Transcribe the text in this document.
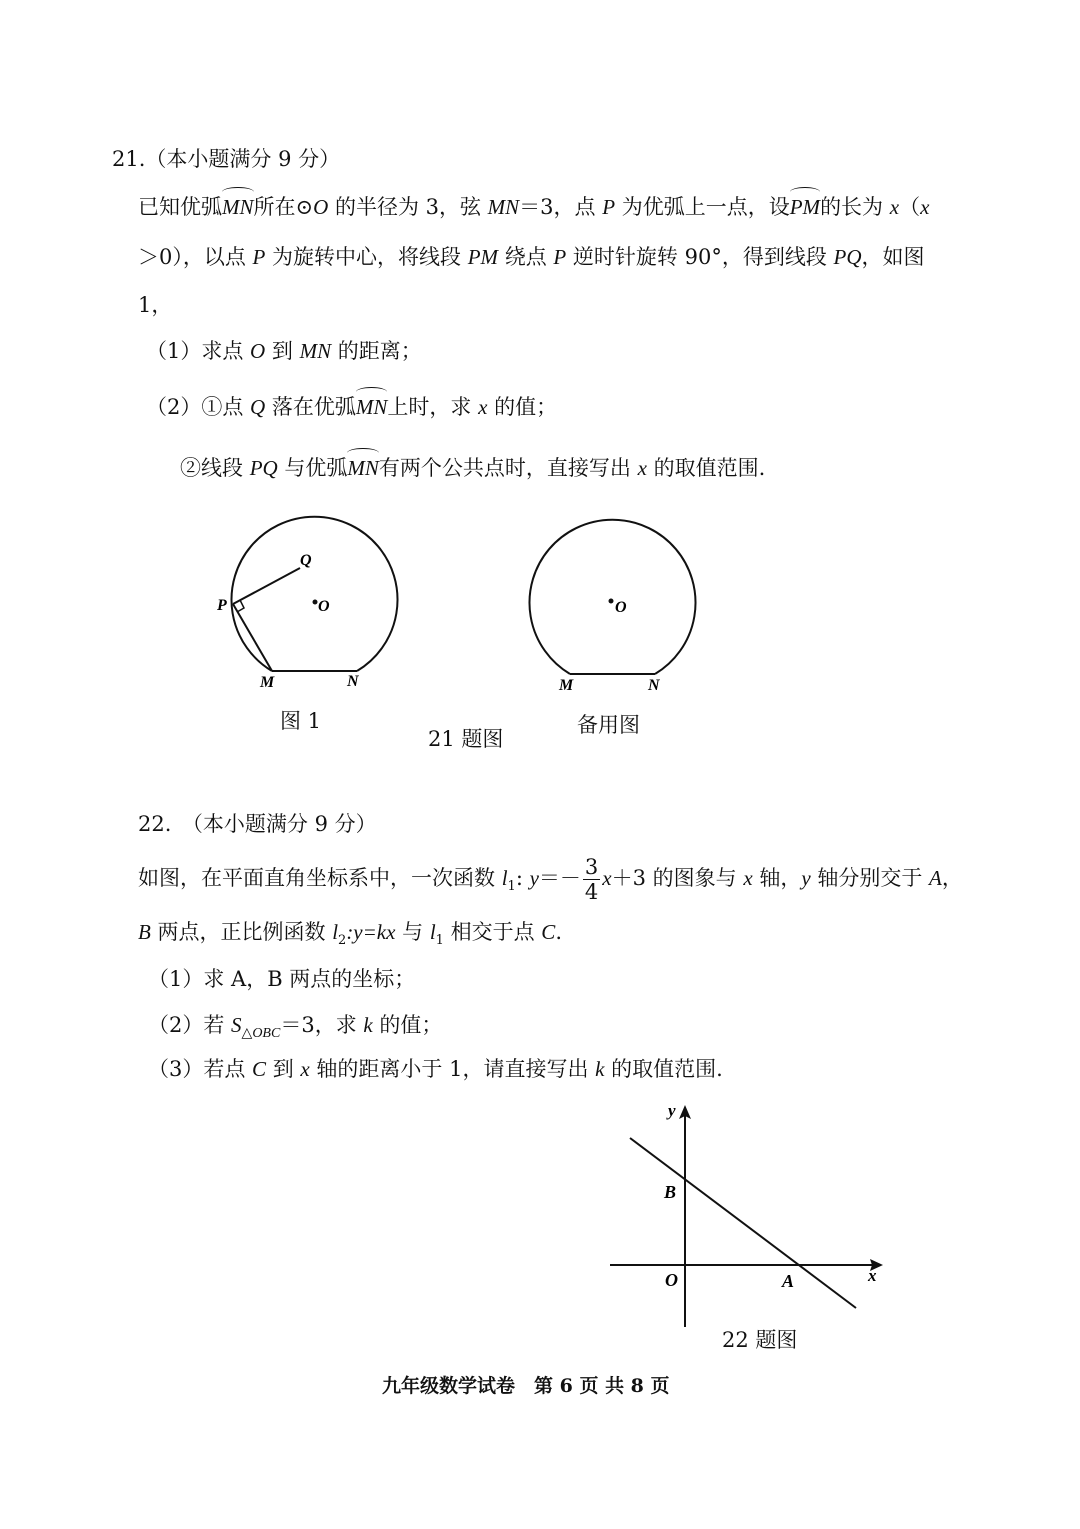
21.（本小题满分 9 分）
已知优弧MN所在⊙O 的半径为 3，弦 MN＝3，点 P 为优弧上一点，设PM的长为 x（x
＞0），以点 P 为旋转中心，将线段 PM 绕点 P 逆时针旋转 90°，得到线段 PQ，如图
1，
（1）求点 O 到 MN 的距离；
（2）①点 Q 落在优弧MN上时，求 x 的值；
②线段 PQ 与优弧MN有两个公共点时，直接写出 x 的取值范围.
Q
O
P
M	N
图 1
O
M	N
备用图
21 题图
22.　 （本小题满分 9 分）
如图，在平面直角坐标系中，一次函数 $l_1$: $y=- \frac{3}{4} x+3$ 的图象与 x 轴，y 轴分别交于 A，
B 两点，正比例函数 $l_2:y=kx$ 与 $l_1$ 相交于点 C.
（1）求 A，B 两点的坐标；
（2）若 $S_{\triangle OBC}=3$，求 k 的值；
（3）若点 C 到 x 轴的距离小于 1，请直接写出 k 的取值范围.
y
x
B
O	A
22 题图
九年级数学试卷　第 6 页 共 8 页
